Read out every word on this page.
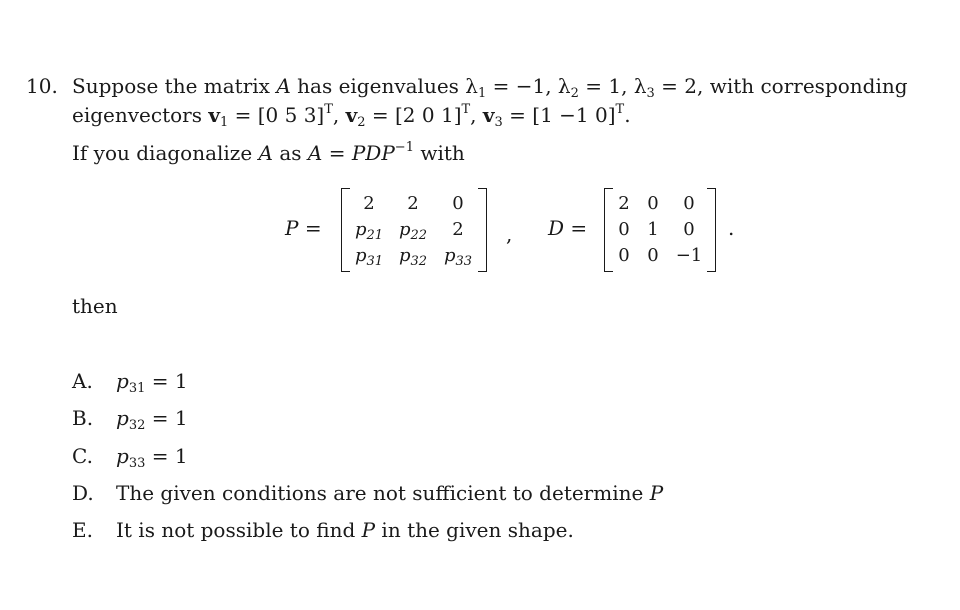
10. Suppose the matrix A has eigenvalues $\lambda_1 = -1$, $\lambda_2 = 1$, $\lambda_3 = 2$, with corresponding
eigenvectors $v_1 = [0$ 5 3]$^T$, $v_2 = [2$ 0 1]$^T$, $v_3 = [1 -1$ 0]$^T$.
If you diagonalize A as $A = PDP^{-1}$ with
P =
2	2	0
$p_{21}$	$p_{22}$	2
$p_{31}$	$p_{32}$	$p_{33}$
, D =
2	0	0
0	1	0
0	0	−1
.
then
A. $p_{31} = 1$
B. $p_{32} = 1$
C. $p_{33} = 1$
D. The given conditions are not sufficient to determine P
E. It is not possible to find P in the given shape.
